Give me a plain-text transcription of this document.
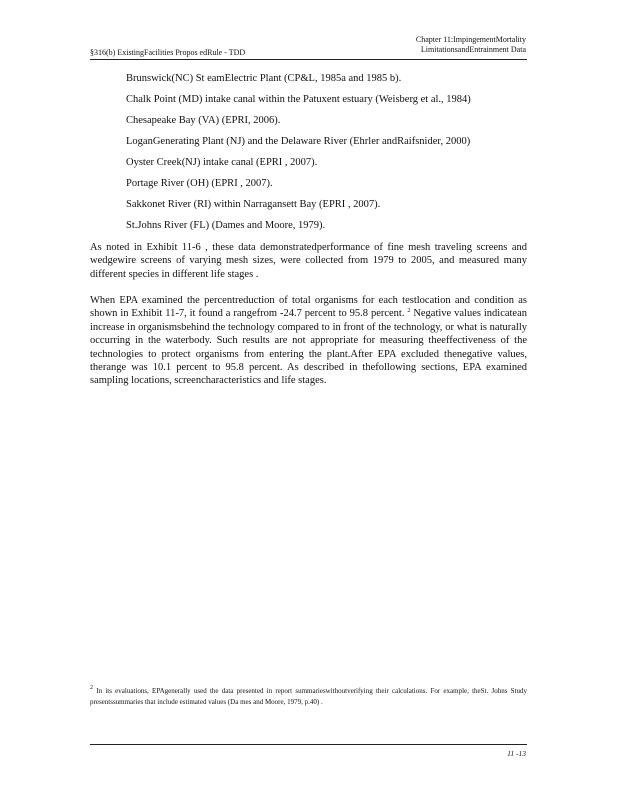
Chapter 11:ImpingementMortality
LimitationsandEntrainment Data
§316(b) ExistingFacilities Propos edRule - TDD
Brunswick(NC) St eamElectric Plant (CP&L, 1985a and 1985 b).
Chalk Point (MD) intake canal within the Patuxent estuary (Weisberg et al., 1984)
Chesapeake Bay (VA) (EPRI, 2006).
LoganGenerating Plant (NJ) and the Delaware River (Ehrler andRaifsnider, 2000)
Oyster Creek(NJ) intake canal (EPRI , 2007).
Portage River (OH) (EPRI , 2007).
Sakkonet River (RI) within Narragansett Bay (EPRI , 2007).
St.Johns River (FL) (Dames and Moore, 1979).

As noted in Exhibit 11-6 , these data demonstratedperformance of fine mesh traveling screens and wedgewire screens of varying mesh sizes, were collected from 1979 to 2005, and measured many different species in different life stages .

When EPA examined the percentreduction of total organisms for each testlocation and condition as shown in Exhibit 11-7, it found a rangefrom -24.7 percent to 95.8 percent. $^2$ Negative values indicatean increase in organismsbehind the technology compared to in front of the technology, or what is naturally occurring in the waterbody. Such results are not appropriate for measuring theeffectiveness of the technologies to protect organisms from entering the plant.After EPA excluded thenegative values, therange was 10.1 percent to 95.8 percent. As described in thefollowing sections, EPA examined sampling locations, screencharacteristics and life stages.

$^2$ In its evaluations, EPAgenerally used the data presented in report summarieswithoutverifying their calculations. For example, theSt. Johns Study presentssummaries that include estimated values (Da mes and Moore, 1979, p.40) .
11 -13
